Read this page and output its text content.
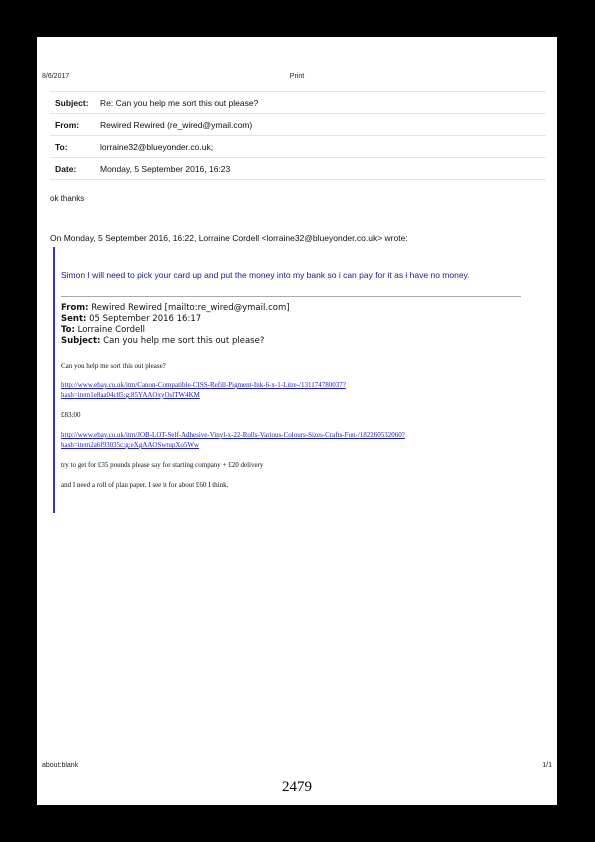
8/6/2017	Print
Subject:	Re: Can you help me sort this out please?
From:	Rewired Rewired (re_wired@ymail.com)
To:	lorraine32@blueyonder.co.uk;
Date:	Monday, 5 September 2016, 16:23
ok thanks
On Monday, 5 September 2016, 16:22, Lorraine Cordell <lorraine32@blueyonder.co.uk> wrote:
Simon I will need to pick your card up and put the money into my bank so i can pay for it as i have no money.
From: Rewired Rewired [mailto:re_wired@ymail.com]
Sent: 05 September 2016 16:17
To: Lorraine Cordell
Subject: Can you help me sort this out please?
Can you help me sort this out please?
http://www.ebay.co.uk/itm/Canon-Compatible-CISS-Refill-Pigment-Ink-6-x-1-Litre-/131174780037?
hash=item1e8aa04c85:g:85YAAOxyOslTW4KM
£83:00
http://www.ebay.co.uk/itm/JOB-LOT-Self-Adhesive-Vinyl-x-22-Rolls-Various-Colours-Sizes-Crafts-Fun-/182260532060?
hash=item2a6f93035c:g:eXgAAOSwtupXo5Ww
try to get for £35 pounds please say for starting company + £20 delivery
and I need a roll of plan paper. I see it for about £60 I think.
about:blank	1/1
2479
